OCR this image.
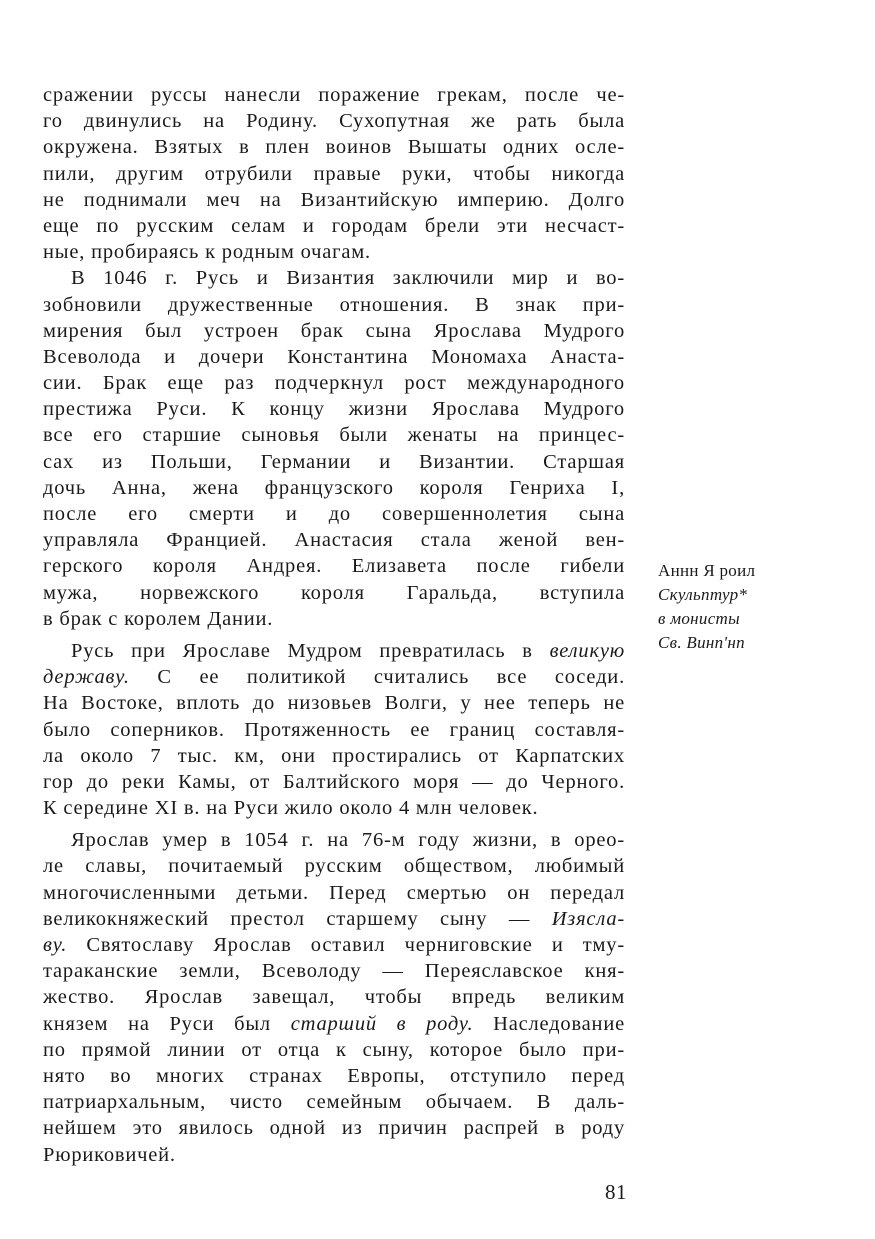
сражении руссы нанесли поражение грекам, после че-
го двинулись на Родину. Сухопутная же рать была
окружена. Взятых в плен воинов Вышаты одних осле-
пили, другим отрубили правые руки, чтобы никогда
не поднимали меч на Византийскую империю. Долго
еще по русским селам и городам брели эти несчаст-
ные, пробираясь к родным очагам.
В 1046 г. Русь и Византия заключили мир и во-
зобновили дружественные отношения. В знак при-
мирения был устроен брак сына Ярослава Мудрого
Всеволода и дочери Константина Мономаха Анаста-
сии. Брак еще раз подчеркнул рост международного
престижа Руси. К концу жизни Ярослава Мудрого
все его старшие сыновья были женаты на принцес-
сах из Польши, Германии и Византии. Старшая
дочь Анна, жена французского короля Генриха I,
после его смерти и до совершеннолетия сына
управляла Францией. Анастасия стала женой вен-
герского короля Андрея. Елизавета после гибели
мужа, норвежского короля Гаральда, вступила
в брак с королем Дании.
Русь при Ярославе Мудром превратилась в великую
державу. С ее политикой считались все соседи.
На Востоке, вплоть до низовьев Волги, у нее теперь не
было соперников. Протяженность ее границ составля-
ла около 7 тыс. км, они простирались от Карпатских
гор до реки Камы, от Балтийского моря — до Черного.
К середине XI в. на Руси жило около 4 млн человек.
Ярослав умер в 1054 г. на 76-м году жизни, в орео-
ле славы, почитаемый русским обществом, любимый
многочисленными детьми. Перед смертью он передал
великокняжеский престол старшему сыну — Изясла-
ву. Святославу Ярослав оставил черниговские и тму-
тараканские земли, Всеволоду — Переяславское кня-
жество. Ярослав завещал, чтобы впредь великим
князем на Руси был старший в роду. Наследование
по прямой линии от отца к сыну, которое было при-
нято во многих странах Европы, отступило перед
патриархальным, чисто семейным обычаем. В даль-
нейшем это явилось одной из причин распрей в роду
Рюриковичей.
Аннн Я роил
Скульптур*
в монисты
Св. Винп'нп
81
